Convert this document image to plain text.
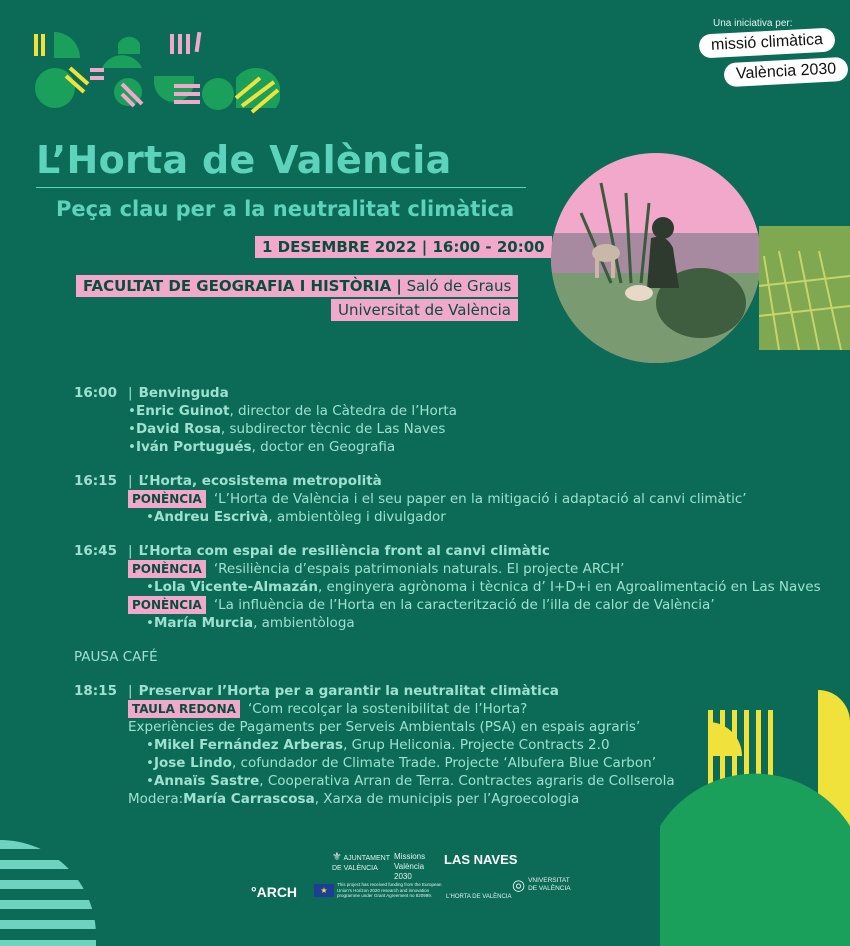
Una iniciativa per:
missió climàtica
València 2030
L’Horta de València
Peça clau per a la neutralitat climàtica
1 DESEMBRE 2022 | 16:00 - 20:00
FACULTAT DE GEOGRAFIA I HISTÒRIA | Saló de Graus
Universitat de València
16:00 | Benvinguda
• Enric Guinot , director de la Càtedra de l’Horta
• David Rosa , subdirector tècnic de Las Naves
• Iván Portugués , doctor en Geografia
16:15 | L’Horta, ecosistema metropolità
PONÈNCIA ‘L’Horta de València i el seu paper en la mitigació i adaptació al canvi climàtic’
• Andreu Escrivà , ambientòleg i divulgador
16:45 | L’Horta com espai de resiliència front al canvi climàtic
PONÈNCIA ‘Resiliència d’espais patrimonials naturals. El projecte ARCH’
• Lola Vicente-Almazán , enginyera agrònoma i tècnica d’ I+D+i en Agroalimentació en Las Naves
PONÈNCIA ‘La influència de l’Horta en la caracterització de l’illa de calor de València’
• María Murcia , ambientòloga
PAUSA CAFÉ
18:15 | Preservar l’Horta per a garantir la neutralitat climàtica
TAULA REDONA ‘Com recolçar la sostenibilitat de l’Horta?
Experiències de Pagaments per Serveis Ambientals (PSA) en espais agraris’
• Mikel Fernández Arberas , Grup Heliconia. Projecte Contracts 2.0
• Jose Lindo , cofundador de Climate Trade. Projecte ‘Albufera Blue Carbon’
• Annaïs Sastre , Cooperativa Arran de Terra. Contractes agraris de Collserola
Modera: María Carrascosa , Xarxa de municipis per l’Agroecologia
⚜ AJUNTAMENT DE VALÈNCIA
Missions València 2030
LAS NAVES
°ARCH	★
This project has received funding from the European Union's Horizon 2020 research and innovation programme under Grant Agreement no 820999.	L'HORTA DE VALÈNCIA
◎ VNIVERSITAT DE VALÈNCIA
